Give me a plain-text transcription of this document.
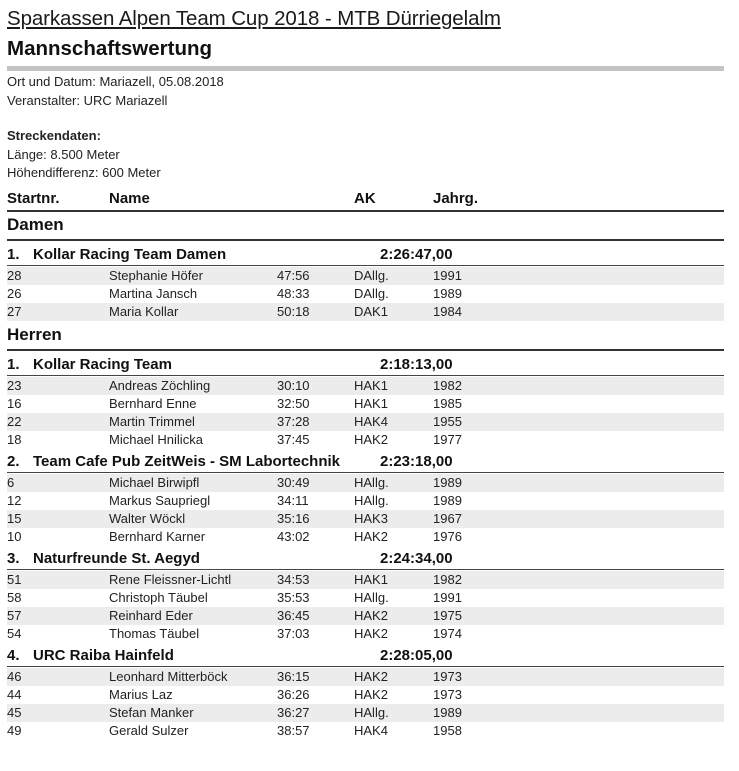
Sparkassen Alpen Team Cup 2018 - MTB Dürriegelalm
Mannschaftswertung
Ort und Datum: Mariazell, 05.08.2018
Veranstalter: URC Mariazell
Streckendaten:
Länge: 8.500 Meter
Höhendifferenz: 600 Meter
Startnr.	Name	AK	Jahrg.
Damen
1. Kollar Racing Team Damen	2:26:47,00
28	Stephanie Höfer	47:56	DAllg.	1991
26	Martina Jansch	48:33	DAllg.	1989
27	Maria Kollar	50:18	DAK1	1984
Herren
1. Kollar Racing Team	2:18:13,00
23	Andreas Zöchling	30:10	HAK1	1982
16	Bernhard Enne	32:50	HAK1	1985
22	Martin Trimmel	37:28	HAK4	1955
18	Michael Hnilicka	37:45	HAK2	1977
2. Team Cafe Pub ZeitWeis - SM Labortechnik	2:23:18,00
6	Michael Birwipfl	30:49	HAllg.	1989
12	Markus Saupriegl	34:11	HAllg.	1989
15	Walter Wöckl	35:16	HAK3	1967
10	Bernhard Karner	43:02	HAK2	1976
3. Naturfreunde St. Aegyd	2:24:34,00
51	Rene Fleissner-Lichtl	34:53	HAK1	1982
58	Christoph Täubel	35:53	HAllg.	1991
57	Reinhard Eder	36:45	HAK2	1975
54	Thomas Täubel	37:03	HAK2	1974
4. URC Raiba Hainfeld	2:28:05,00
46	Leonhard Mitterböck	36:15	HAK2	1973
44	Marius Laz	36:26	HAK2	1973
45	Stefan Manker	36:27	HAllg.	1989
49	Gerald Sulzer	38:57	HAK4	1958
